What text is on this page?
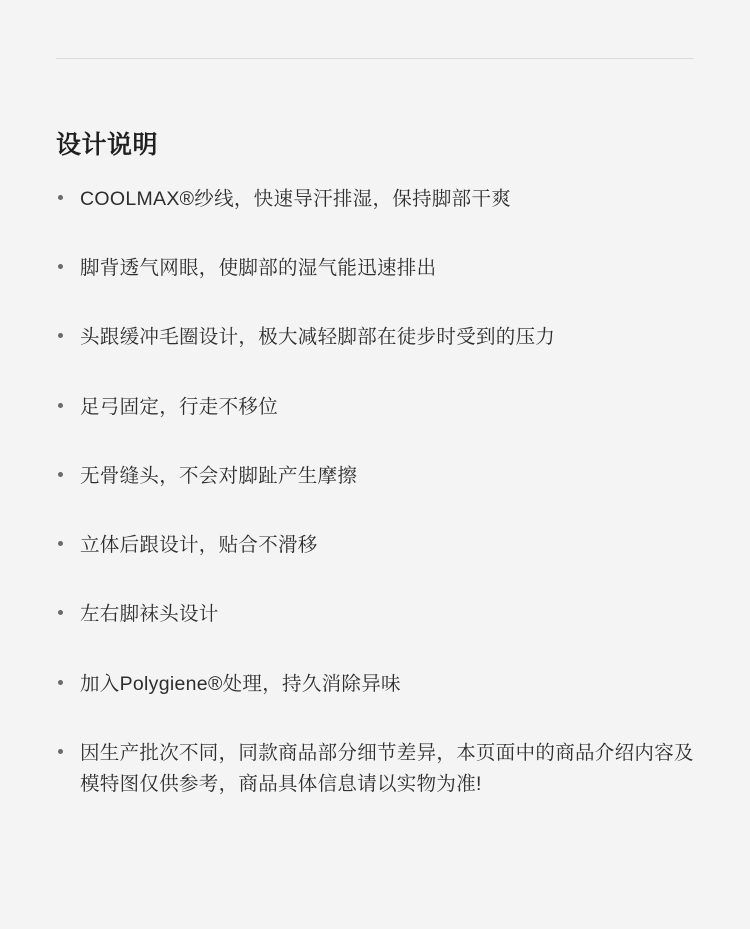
设计说明
COOLMAX®纱线，快速导汗排湿，保持脚部干爽
脚背透气网眼，使脚部的湿气能迅速排出
头跟缓冲毛圈设计，极大减轻脚部在徒步时受到的压力
足弓固定，行走不移位
无骨缝头，不会对脚趾产生摩擦
立体后跟设计，贴合不滑移
左右脚袜头设计
加入Polygiene®处理，持久消除异味
因生产批次不同，同款商品部分细节差异，本页面中的商品介绍内容及模特图仅供参考，商品具体信息请以实物为准!
